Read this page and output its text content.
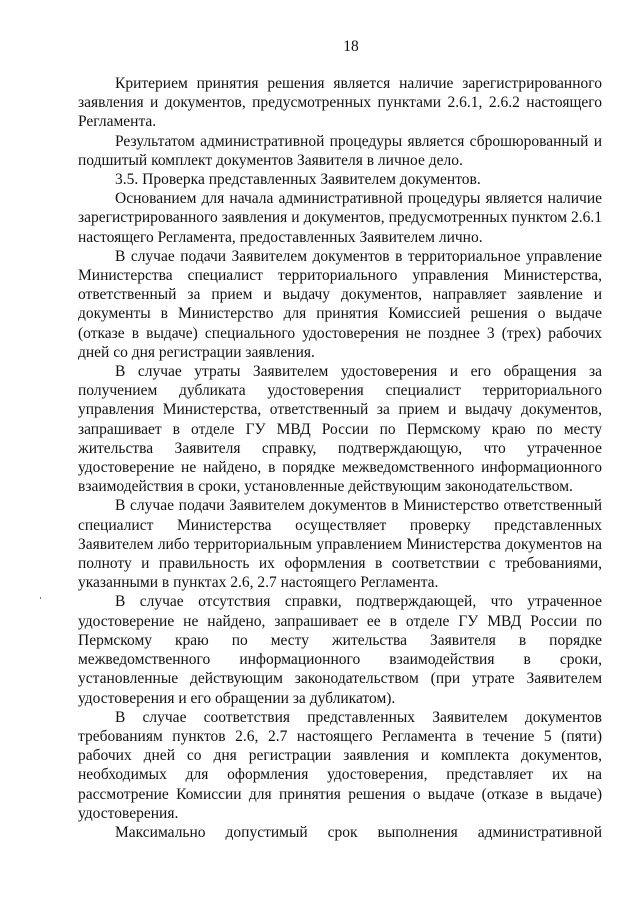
18

Критерием принятия решения является наличие зарегистрированного заявления и документов, предусмотренных пунктами 2.6.1, 2.6.2 настоящего Регламента.

Результатом административной процедуры является сброшюрованный и подшитый комплект документов Заявителя в личное дело.

3.5. Проверка представленных Заявителем документов.

Основанием для начала административной процедуры является наличие зарегистрированного заявления и документов, предусмотренных пунктом 2.6.1 настоящего Регламента, предоставленных Заявителем лично.

В случае подачи Заявителем документов в территориальное управление Министерства специалист территориального управления Министерства, ответственный за прием и выдачу документов, направляет заявление и документы в Министерство для принятия Комиссией решения о выдаче (отказе в выдаче) специального удостоверения не позднее 3 (трех) рабочих дней со дня регистрации заявления.

В случае утраты Заявителем удостоверения и его обращения за получением дубликата удостоверения специалист территориального управления Министерства, ответственный за прием и выдачу документов, запрашивает в отделе ГУ МВД России по Пермскому краю по месту жительства Заявителя справку, подтверждающую, что утраченное удостоверение не найдено, в порядке межведомственного информационного взаимодействия в сроки, установленные действующим законодательством.

В случае подачи Заявителем документов в Министерство ответственный специалист Министерства осуществляет проверку представленных Заявителем либо территориальным управлением Министерства документов на полноту и правильность их оформления в соответствии с требованиями, указанными в пунктах 2.6, 2.7 настоящего Регламента.

В случае отсутствия справки, подтверждающей, что утраченное удостоверение не найдено, запрашивает ее в отделе ГУ МВД России по Пермскому краю по месту жительства Заявителя в порядке межведомственного информационного взаимодействия в сроки, установленные действующим законодательством (при утрате Заявителем удостоверения и его обращении за дубликатом).

В случае соответствия представленных Заявителем документов требованиям пунктов 2.6, 2.7 настоящего Регламента в течение 5 (пяти) рабочих дней со дня регистрации заявления и комплекта документов, необходимых для оформления удостоверения, представляет их на рассмотрение Комиссии для принятия решения о выдаче (отказе в выдаче) удостоверения.

Максимально допустимый срок выполнения административной
